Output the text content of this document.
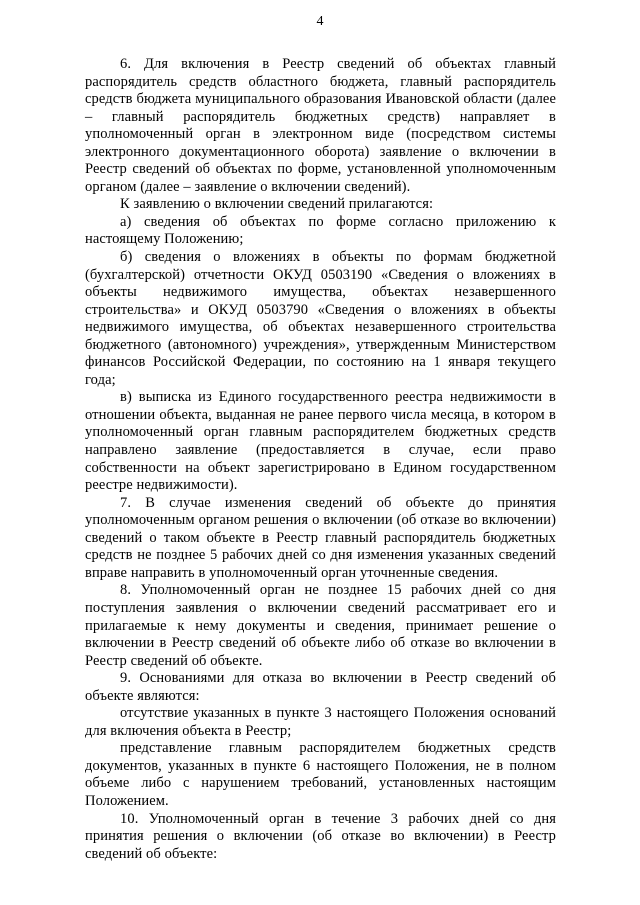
4

6. Для включения в Реестр сведений об объектах главный распорядитель средств областного бюджета, главный распорядитель средств бюджета муниципального образования Ивановской области (далее – главный распорядитель бюджетных средств) направляет в уполномоченный орган в электронном виде (посредством системы электронного документационного оборота) заявление о включении в Реестр сведений об объектах по форме, установленной уполномоченным органом (далее – заявление о включении сведений).

К заявлению о включении сведений прилагаются:

а) сведения об объектах по форме согласно приложению к настоящему Положению;

б) сведения о вложениях в объекты по формам бюджетной (бухгалтерской) отчетности ОКУД 0503190 «Сведения о вложениях в объекты недвижимого имущества, объектах незавершенного строительства» и ОКУД 0503790 «Сведения о вложениях в объекты недвижимого имущества, об объектах незавершенного строительства бюджетного (автономного) учреждения», утвержденным Министерством финансов Российской Федерации, по состоянию на 1 января текущего года;

в) выписка из Единого государственного реестра недвижимости в отношении объекта, выданная не ранее первого числа месяца, в котором в уполномоченный орган главным распорядителем бюджетных средств направлено заявление (предоставляется в случае, если право собственности на объект зарегистрировано в Едином государственном реестре недвижимости).

7. В случае изменения сведений об объекте до принятия уполномоченным органом решения о включении (об отказе во включении) сведений о таком объекте в Реестр главный распорядитель бюджетных средств не позднее 5 рабочих дней со дня изменения указанных сведений вправе направить в уполномоченный орган уточненные сведения.

8. Уполномоченный орган не позднее 15 рабочих дней со дня поступления заявления о включении сведений рассматривает его и прилагаемые к нему документы и сведения, принимает решение о включении в Реестр сведений об объекте либо об отказе во включении в Реестр сведений об объекте.

9. Основаниями для отказа во включении в Реестр сведений об объекте являются:

отсутствие указанных в пункте 3 настоящего Положения оснований для включения объекта в Реестр;

представление главным распорядителем бюджетных средств документов, указанных в пункте 6 настоящего Положения, не в полном объеме либо с нарушением требований, установленных настоящим Положением.

10. Уполномоченный орган в течение 3 рабочих дней со дня принятия решения о включении (об отказе во включении) в Реестр сведений об объекте:
